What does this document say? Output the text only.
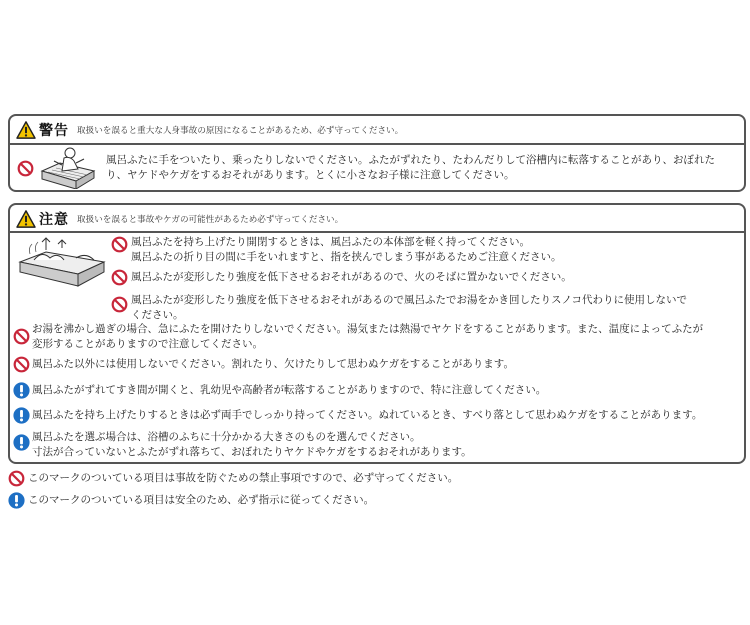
警告 取扱いを誤ると重大な人身事故の原因になることがあるため、必ず守ってください。
風呂ふたに手をついたり、乗ったりしないでください。ふたがずれたり、たわんだりして浴槽内に転落することがあり、おぼれた
り、ヤケドやケガをするおそれがあります。とくに小さなお子様に注意してください。
注意 取扱いを誤ると事故やケガの可能性があるため必ず守ってください。
風呂ふたを持ち上げたり開閉するときは、風呂ふたの本体部を軽く持ってください。
風呂ふたの折り目の間に手をいれますと、指を挟んでしまう事があるためご注意ください。
風呂ふたが変形したり強度を低下させるおそれがあるので、火のそばに置かないでください。
風呂ふたが変形したり強度を低下させるおそれがあるので風呂ふたでお湯をかき回したりスノコ代わりに使用しないで
ください。
お湯を沸かし過ぎの場合、急にふたを開けたりしないでください。湯気または熱湯でヤケドをすることがあります。また、温度によってふたが
変形することがありますので注意してください。
風呂ふた以外には使用しないでください。割れたり、欠けたりして思わぬケガをすることがあります。
風呂ふたがずれてすき間が開くと、乳幼児や高齢者が転落することがありますので、特に注意してください。
風呂ふたを持ち上げたりするときは必ず両手でしっかり持ってください。ぬれているとき、すべり落として思わぬケガをすることがあります。
風呂ふたを選ぶ場合は、浴槽のふちに十分かかる大きさのものを選んでください。
寸法が合っていないとふたがずれ落ちて、おぼれたりヤケドやケガをするおそれがあります。
このマークのついている項目は事故を防ぐための禁止事項ですので、必ず守ってください。
このマークのついている項目は安全のため、必ず指示に従ってください。
